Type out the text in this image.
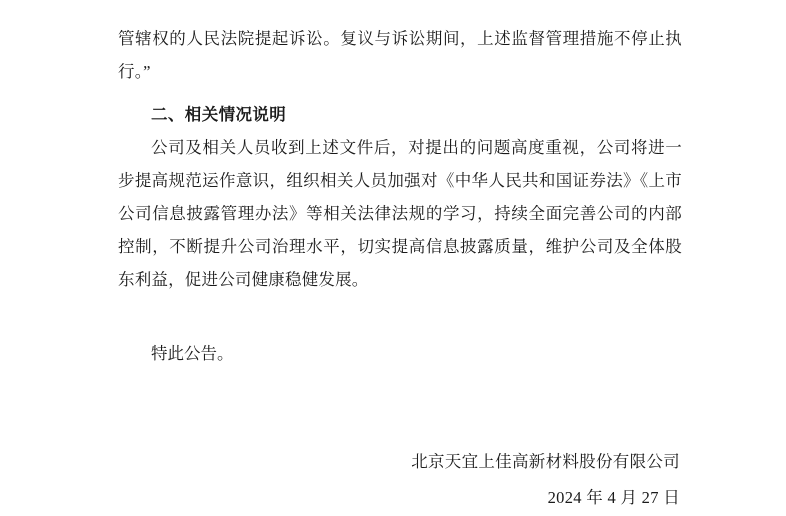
管辖权的人民法院提起诉讼。复议与诉讼期间，上述监督管理措施不停止执行。”

二、相关情况说明

公司及相关人员收到上述文件后，对提出的问题高度重视，公司将进一步提高规范运作意识，组织相关人员加强对《中华人民共和国证券法》《上市公司信息披露管理办法》等相关法律法规的学习，持续全面完善公司的内部控制，不断提升公司治理水平，切实提高信息披露质量，维护公司及全体股东利益，促进公司健康稳健发展。

特此公告。

北京天宜上佳高新材料股份有限公司
2024 年 4 月 27 日
